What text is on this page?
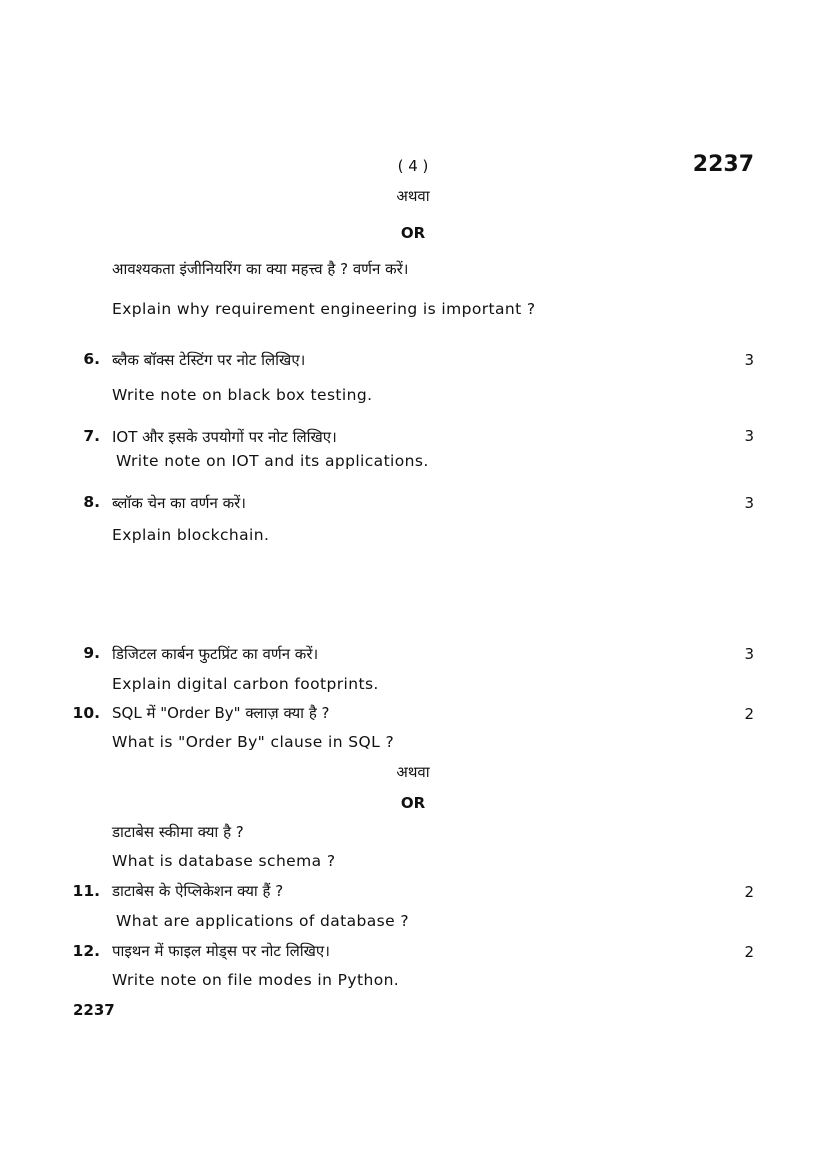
( 4 )	2237
अथवा
OR
आवश्यकता इंजीनियरिंग का क्या महत्त्व है ? वर्णन करें।
Explain why requirement engineering is important ?
6. ब्लैक बॉक्स टेस्टिंग पर नोट लिखिए।	3
Write note on black box testing.
7. IOT और इसके उपयोगों पर नोट लिखिए।	3
Write note on IOT and its applications.
8. ब्लॉक चेन का वर्णन करें।	3
Explain blockchain.
9. डिजिटल कार्बन फुटप्रिंट का वर्णन करें।	3
Explain digital carbon footprints.
10. SQL में "Order By" क्लाज़ क्या है ?	2
What is "Order By" clause in SQL ?
अथवा
OR
डाटाबेस स्कीमा क्या है ?
What is database schema ?
11. डाटाबेस के ऐप्लिकेशन क्या हैं ?	2
What are applications of database ?
12. पाइथन में फाइल मोड्स पर नोट लिखिए।	2
Write note on file modes in Python.
2237
